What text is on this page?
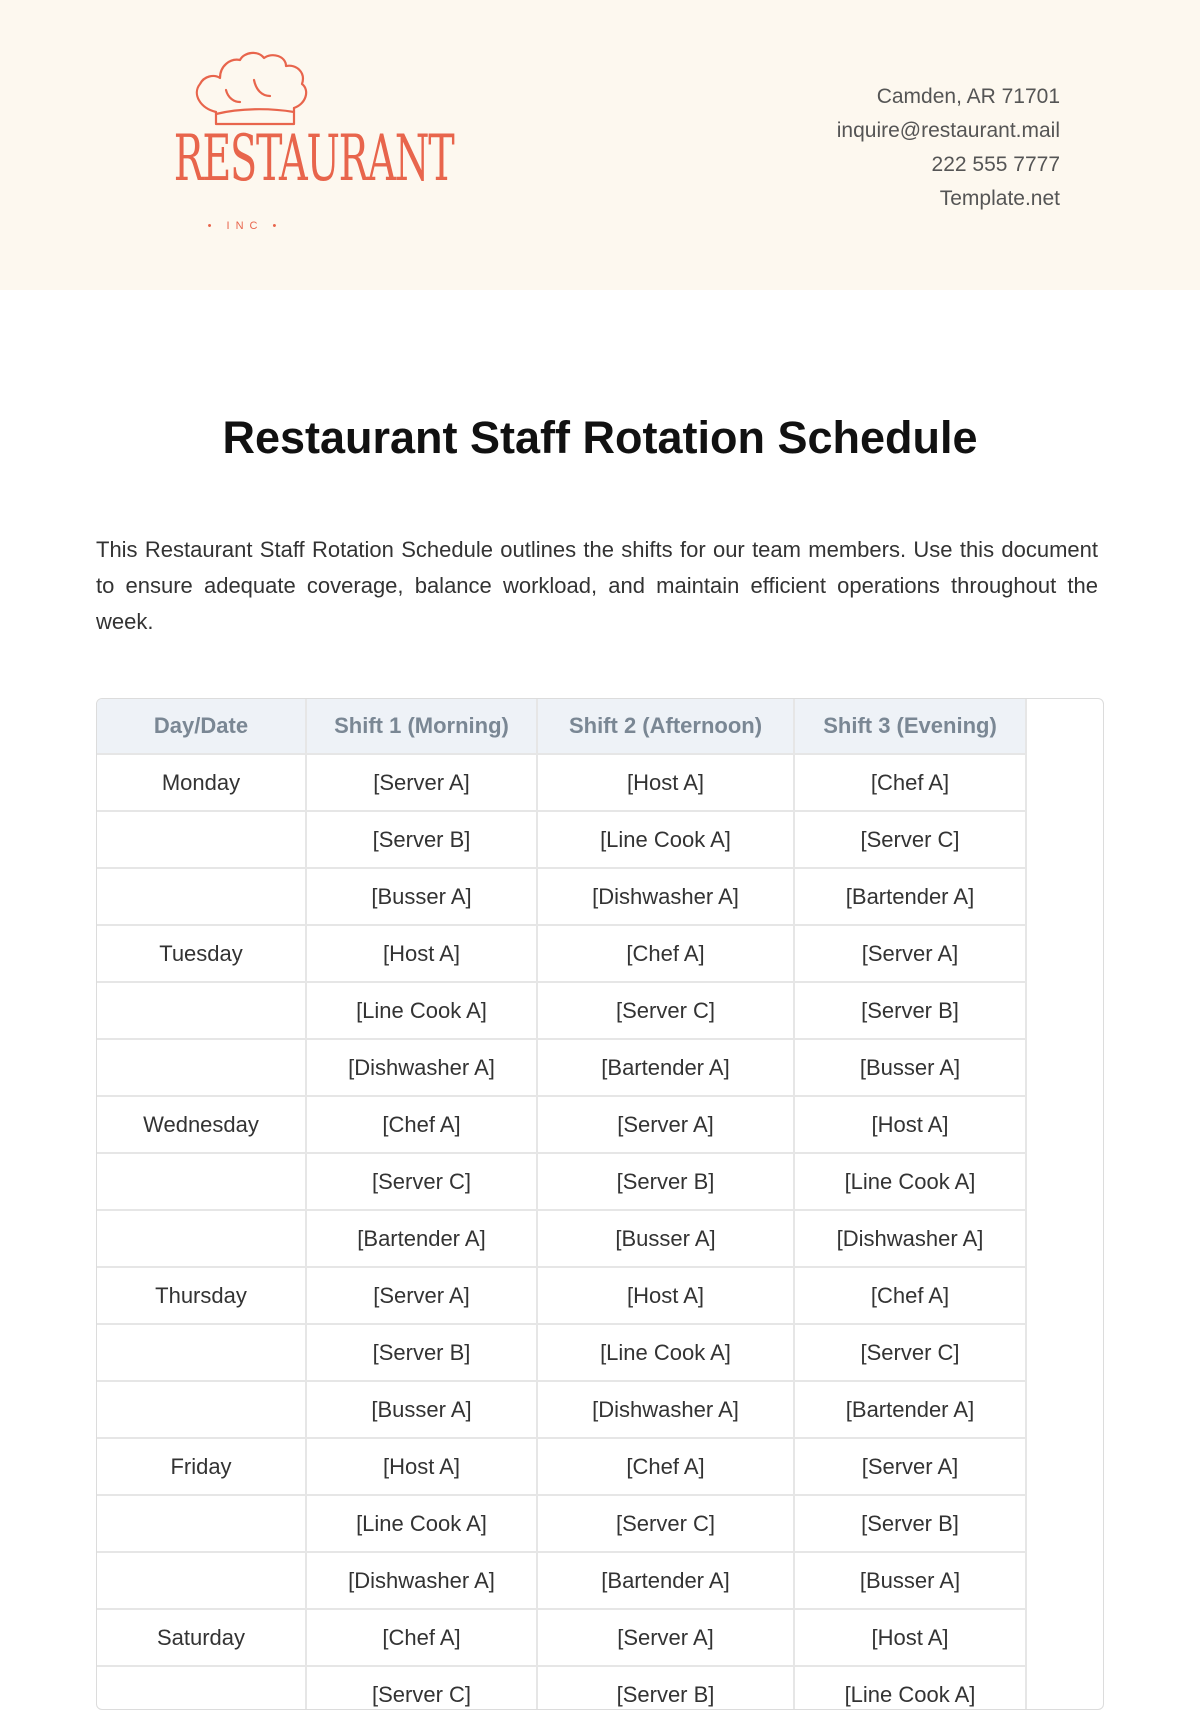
RESTAURANT
• INC •
Camden, AR 71701
inquire@restaurant.mail
222 555 7777
Template.net
Restaurant Staff Rotation Schedule

This Restaurant Staff Rotation Schedule outlines the shifts for our team members. Use this document to ensure adequate coverage, balance workload, and maintain efficient operations throughout the week.

Day/Date	Shift 1 (Morning)	Shift 2 (Afternoon)	Shift 3 (Evening)
Monday	[Server A]	[Host A]	[Chef A]
	[Server B]	[Line Cook A]	[Server C]
	[Busser A]	[Dishwasher A]	[Bartender A]
Tuesday	[Host A]	[Chef A]	[Server A]
	[Line Cook A]	[Server C]	[Server B]
	[Dishwasher A]	[Bartender A]	[Busser A]
Wednesday	[Chef A]	[Server A]	[Host A]
	[Server C]	[Server B]	[Line Cook A]
	[Bartender A]	[Busser A]	[Dishwasher A]
Thursday	[Server A]	[Host A]	[Chef A]
	[Server B]	[Line Cook A]	[Server C]
	[Busser A]	[Dishwasher A]	[Bartender A]
Friday	[Host A]	[Chef A]	[Server A]
	[Line Cook A]	[Server C]	[Server B]
	[Dishwasher A]	[Bartender A]	[Busser A]
Saturday	[Chef A]	[Server A]	[Host A]
	[Server C]	[Server B]	[Line Cook A]
